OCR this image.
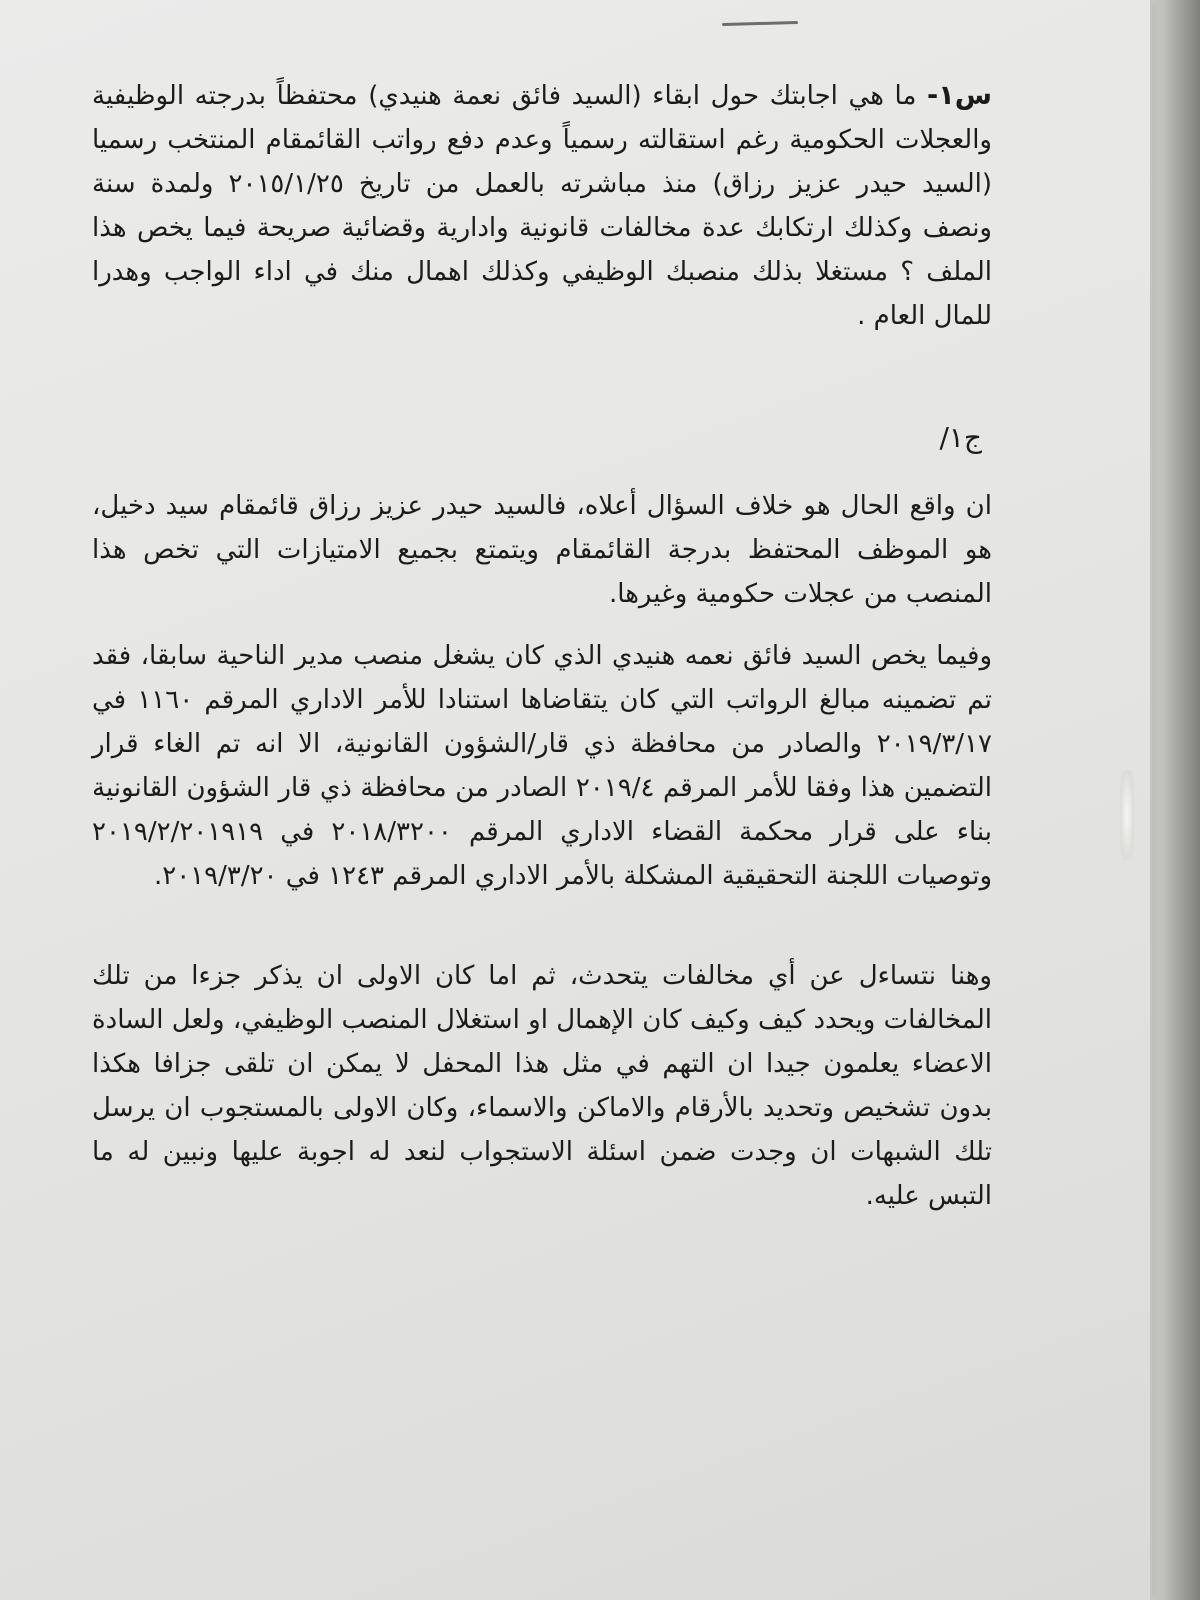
س١- ما هي اجابتك حول ابقاء (السيد فائق نعمة هنيدي) محتفظاً بدرجته الوظيفية والعجلات الحكومية رغم استقالته رسمياً وعدم دفع رواتب القائمقام المنتخب رسميا (السيد حيدر عزيز رزاق) منذ مباشرته بالعمل من تاريخ ٢٠١٥/١/٢٥ ولمدة سنة ونصف وكذلك ارتكابك عدة مخالفات قانونية وادارية وقضائية صريحة فيما يخص هذا الملف ؟ مستغلا بذلك منصبك الوظيفي وكذلك اهمال منك في اداء الواجب وهدرا للمال العام .

ج١/

ان واقع الحال هو خلاف السؤال أعلاه، فالسيد حيدر عزيز رزاق قائمقام سيد دخيل، هو الموظف المحتفظ بدرجة القائمقام ويتمتع بجميع الامتيازات التي تخص هذا المنصب من عجلات حكومية وغيرها.

وفيما يخص السيد فائق نعمه هنيدي الذي كان يشغل منصب مدير الناحية سابقا، فقد تم تضمينه مبالغ الرواتب التي كان يتقاضاها استنادا للأمر الاداري المرقم ١١٦٠ في ٢٠١٩/٣/١٧ والصادر من محافظة ذي قار/الشؤون القانونية، الا انه تم الغاء قرار التضمين هذا وفقا للأمر المرقم ٢٠١٩/٤ الصادر من محافظة ذي قار الشؤون القانونية بناء على قرار محكمة القضاء الاداري المرقم ٢٠١٨/٣٢٠٠ في ٢٠١٩/٢/٢٠١٩١٩ وتوصيات اللجنة التحقيقية المشكلة بالأمر الاداري المرقم ١٢٤٣ في ٢٠١٩/٣/٢٠.

وهنا نتساءل عن أي مخالفات يتحدث، ثم اما كان الاولى ان يذكر جزءا من تلك المخالفات ويحدد كيف وكيف كان الإهمال او استغلال المنصب الوظيفي، ولعل السادة الاعضاء يعلمون جيدا ان التهم في مثل هذا المحفل لا يمكن ان تلقى جزافا هكذا بدون تشخيص وتحديد بالأرقام والاماكن والاسماء، وكان الاولى بالمستجوب ان يرسل تلك الشبهات ان وجدت ضمن اسئلة الاستجواب لنعد له اجوبة عليها ونبين له ما التبس عليه.
